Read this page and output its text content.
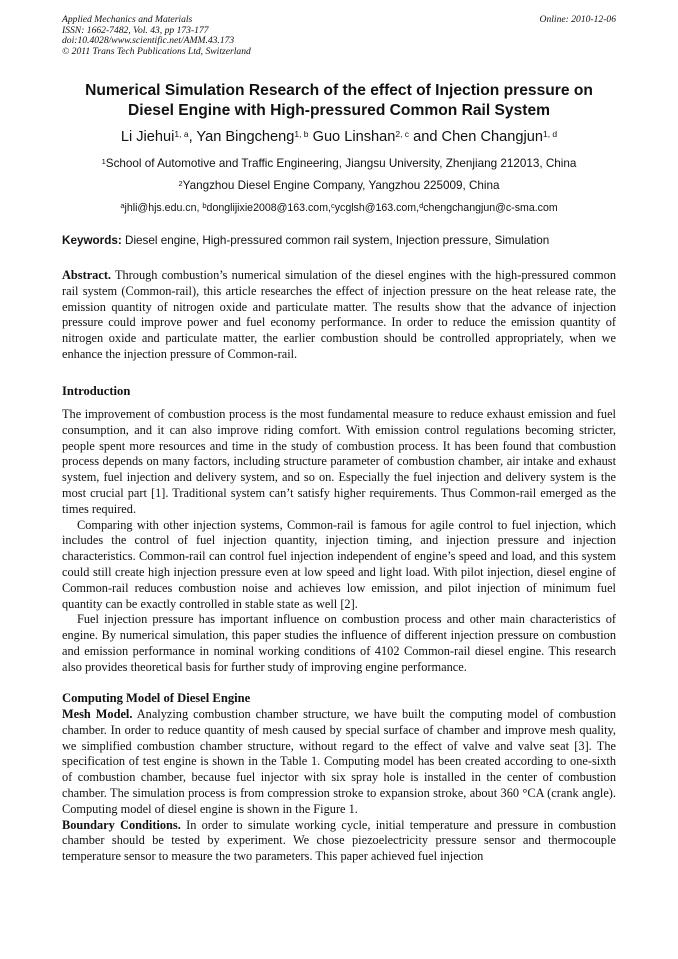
Applied Mechanics and Materials
ISSN: 1662-7482, Vol. 43, pp 173-177
doi:10.4028/www.scientific.net/AMM.43.173
© 2011 Trans Tech Publications Ltd, Switzerland
Online: 2010-12-06
Numerical Simulation Research of the effect of Injection pressure on
Diesel Engine with High-pressured Common Rail System
Li Jiehui$^{1, a}$, Yan Bingcheng$^{1, b}$ Guo Linshan$^{2, c}$ and Chen Changjun$^{1, d}$
$^1$School of Automotive and Traffic Engineering, Jiangsu University, Zhenjiang 212013, China
$^2$Yangzhou Diesel Engine Company, Yangzhou 225009, China
$^a$jhli@hjs.edu.cn, $^b$donglijixie2008@163.com,$^c$ycglsh@163.com,$^d$chengchangjun@c-sma.com
Keywords: Diesel engine, High-pressured common rail system, Injection pressure, Simulation

Abstract. Through combustion’s numerical simulation of the diesel engines with the high-pressured common rail system (Common-rail), this article researches the effect of injection pressure on the heat release rate, the emission quantity of nitrogen oxide and particulate matter. The results show that the advance of injection pressure could improve power and fuel economy performance. In order to reduce the emission quantity of nitrogen oxide and particulate matter, the earlier combustion should be controlled appropriately, when we enhance the injection pressure of Common-rail.

Introduction

The improvement of combustion process is the most fundamental measure to reduce exhaust emission and fuel consumption, and it can also improve riding comfort. With emission control regulations becoming stricter, people spent more resources and time in the study of combustion process. It has been found that combustion process depends on many factors, including structure parameter of combustion chamber, air intake and exhaust system, fuel injection and delivery system, and so on. Especially the fuel injection and delivery system is the most crucial part [1]. Traditional system can’t satisfy higher requirements. Thus Common-rail emerged as the times required.

Comparing with other injection systems, Common-rail is famous for agile control to fuel injection, which includes the control of fuel injection quantity, injection timing, and injection pressure and injection characteristics. Common-rail can control fuel injection independent of engine’s speed and load, and this system could still create high injection pressure even at low speed and light load. With pilot injection, diesel engine of Common-rail reduces combustion noise and achieves low emission, and pilot injection of minimum fuel quantity can be exactly controlled in stable state as well [2].

Fuel injection pressure has important influence on combustion process and other main characteristics of engine. By numerical simulation, this paper studies the influence of different injection pressure on combustion and emission performance in nominal working conditions of 4102 Common-rail diesel engine. This research also provides theoretical basis for further study of improving engine performance.

Computing Model of Diesel Engine

Mesh Model. Analyzing combustion chamber structure, we have built the computing model of combustion chamber. In order to reduce quantity of mesh caused by special surface of chamber and improve mesh quality, we simplified combustion chamber structure, without regard to the effect of valve and valve seat [3]. The specification of test engine is shown in the Table 1. Computing model has been created according to one-sixth of combustion chamber, because fuel injector with six spray hole is installed in the center of combustion chamber. The simulation process is from compression stroke to expansion stroke, about 360 °CA (crank angle). Computing model of diesel engine is shown in the Figure 1.

Boundary Conditions. In order to simulate working cycle, initial temperature and pressure in combustion chamber should be tested by experiment. We chose piezoelectricity pressure sensor and thermocouple temperature sensor to measure the two parameters. This paper achieved fuel injection
